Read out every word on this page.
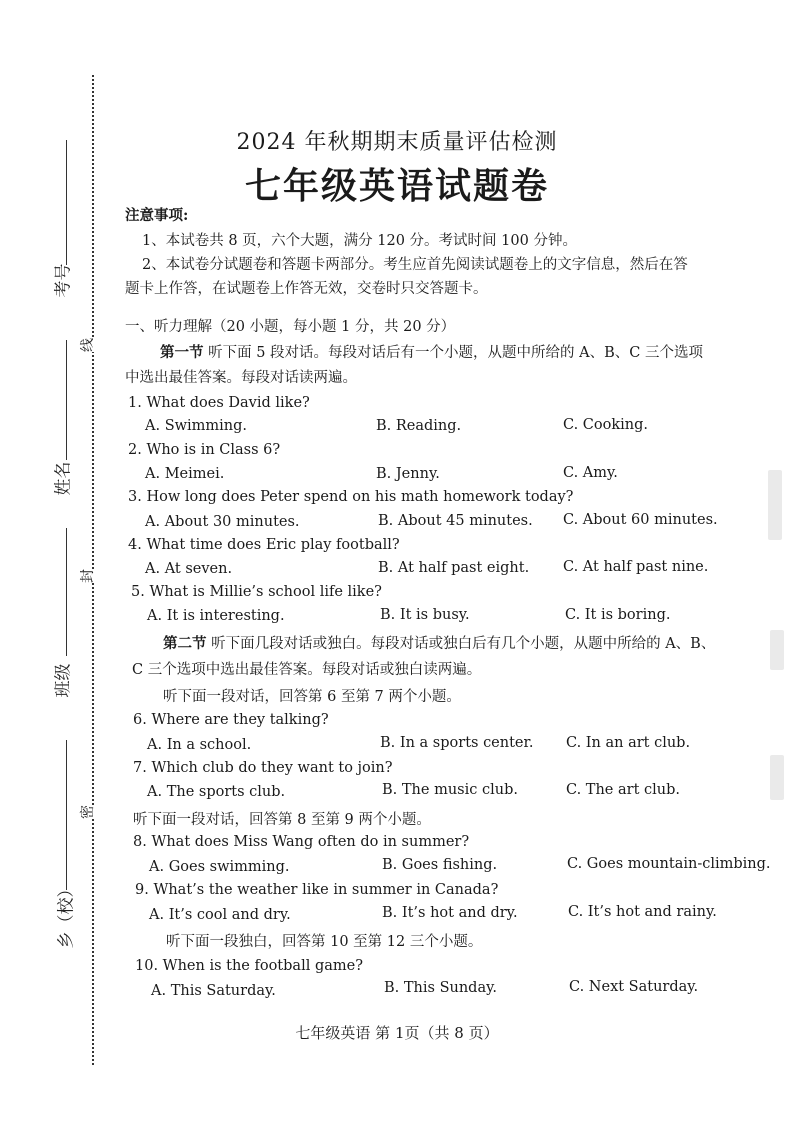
考号
姓名
班级
乡（校）
线
封
密
2024 年秋期期末质量评估检测
七年级英语试题卷
注意事项:
1、本试卷共 8 页，六个大题，满分 120 分。考试时间 100 分钟。
2、本试卷分试题卷和答题卡两部分。考生应首先阅读试题卷上的文字信息，然后在答
题卡上作答，在试题卷上作答无效，交卷时只交答题卡。
一、听力理解（20 小题，每小题 1 分，共 20 分）
第一节 听下面 5 段对话。每段对话后有一个小题，从题中所给的 A、B、C 三个选项
中选出最佳答案。每段对话读两遍。
1. What does David like?
A. Swimming.	B. Reading.	C. Cooking.
2. Who is in Class 6?
A. Meimei.	B. Jenny.	C. Amy.
3. How long does Peter spend on his math homework today?
A. About 30 minutes.	B. About 45 minutes. C. About 60 minutes.
4. What time does Eric play football?
A. At seven.	B. At half past eight. C. At half past nine.
5. What is Millie’s school life like?
A. It is interesting.	B. It is busy.	C. It is boring.
第二节 听下面几段对话或独白。每段对话或独白后有几个小题，从题中所给的 A、B、
C 三个选项中选出最佳答案。每段对话或独白读两遍。
听下面一段对话，回答第 6 至第 7 两个小题。
6. Where are they talking?
A. In a school.	B. In a sports center. C. In an art club.
7. Which club do they want to join?
A. The sports club.	B. The music club.	C. The art club.
听下面一段对话，回答第 8 至第 9 两个小题。
8. What does Miss Wang often do in summer?
A. Goes swimming.	B. Goes fishing.	C. Goes mountain-climbing.
9. What’s the weather like in summer in Canada?
A. It’s cool and dry.	B. It’s hot and dry.	C. It’s hot and rainy.
听下面一段独白，回答第 10 至第 12 三个小题。
10. When is the football game?
A. This Saturday.	B. This Sunday.	C. Next Saturday.
七年级英语 第 1页（共 8 页）
